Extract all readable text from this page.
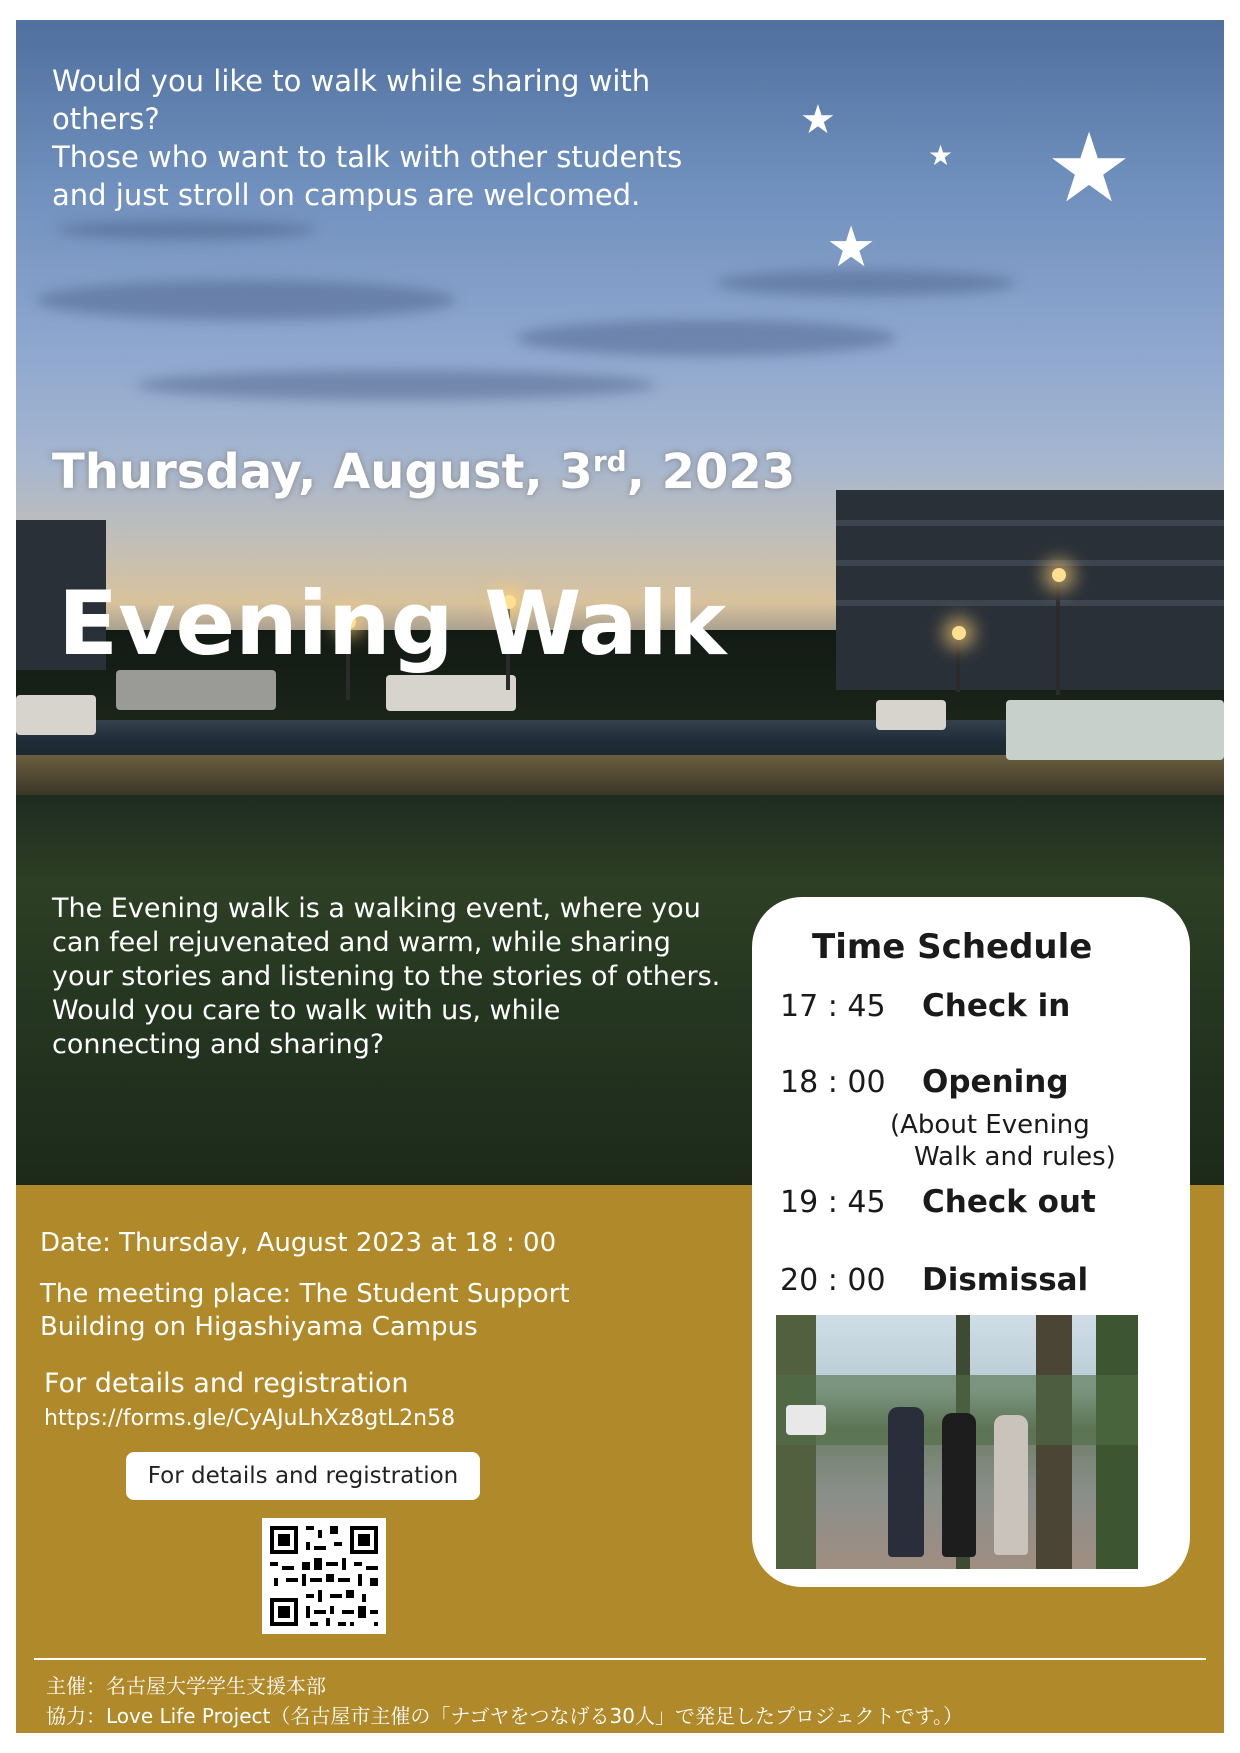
★
★ ★
★
Would you like to walk while sharing with
others?
Those who want to talk with other students
and just stroll on campus are welcomed.
Thursday, August, 3rd, 2023
Evening Walk
The Evening walk is a walking event, where you
can feel rejuvenated and warm, while sharing
your stories and listening to the stories of others.
Would you care to walk with us, while
connecting and sharing?
Date: Thursday, August 2023 at 18 : 00
The meeting place: The Student Support
Building on Higashiyama Campus
For details and registration
https://forms.gle/CyAJuLhXz8gtL2n58
For details and registration
主催：名古屋大学学生支援本部
協力：Love Life Project（名古屋市主催の「ナゴヤをつなげる30人」で発足したプロジェクトです。）
Time Schedule
17 : 45 Check in
18 : 00 Opening
(About Evening
Walk and rules)
19 : 45 Check out
20 : 00 Dismissal
